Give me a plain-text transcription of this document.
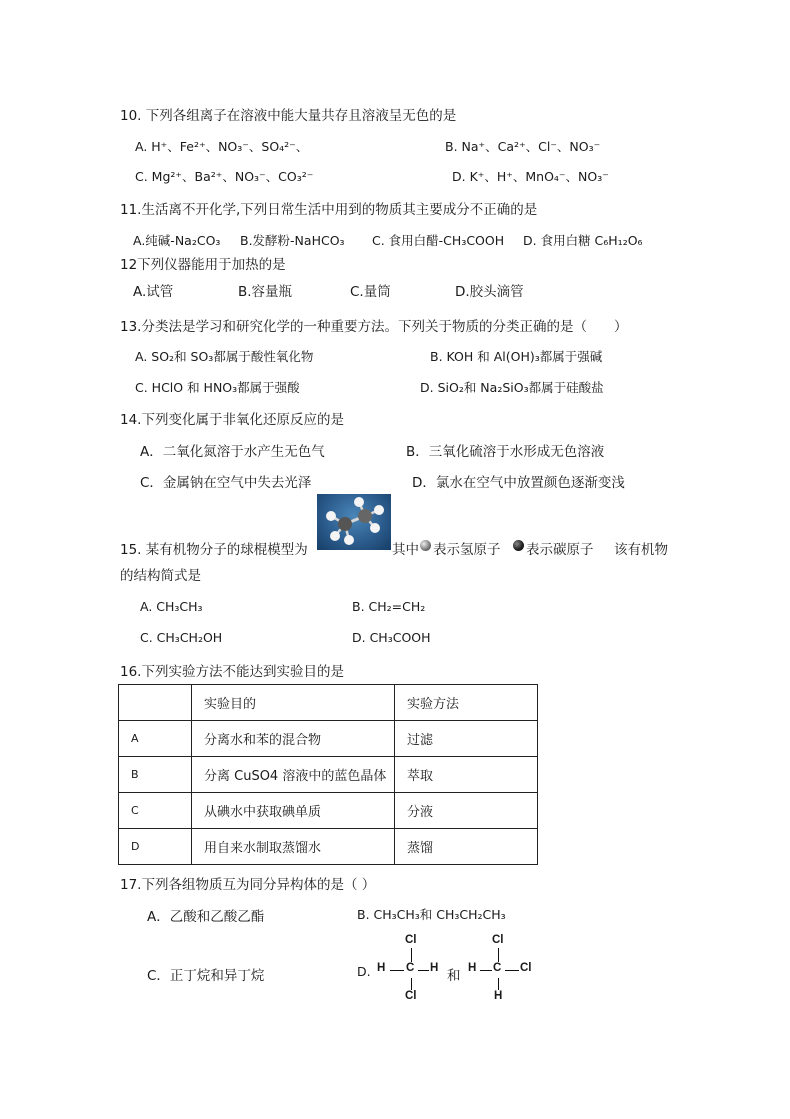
10. 下列各组离子在溶液中能大量共存且溶液呈无色的是
A. H⁺、Fe²⁺、NO₃⁻、SO₄²⁻、	B. Na⁺、Ca²⁺、Cl⁻、NO₃⁻
C. Mg²⁺、Ba²⁺、NO₃⁻、CO₃²⁻	D. K⁺、H⁺、MnO₄⁻、NO₃⁻
11.生活离不开化学,下列日常生活中用到的物质其主要成分不正确的是
A.纯碱-Na₂CO₃ B.发酵粉-NaHCO₃ C. 食用白醋-CH₃COOH D. 食用白糖 C₆H₁₂O₆
12下列仪器能用于加热的是
A.试管	B.容量瓶	C.量筒	D.胶头滴管
13.分类法是学习和研究化学的一种重要方法。下列关于物质的分类正确的是（　　）
A. SO₂和 SO₃都属于酸性氧化物	B. KOH 和 Al(OH)₃都属于强碱
C. HClO 和 HNO₃都属于强酸	D. SiO₂和 Na₂SiO₃都属于硅酸盐
14.下列变化属于非氧化还原反应的是
A．二氧化氮溶于水产生无色气	B．三氧化硫溶于水形成无色溶液
C．金属钠在空气中失去光泽	D．氯水在空气中放置颜色逐渐变浅
15. 某有机物分子的球棍模型为	其中 表示氢原子 表示碳原子 该有机物
的结构简式是
A. CH₃CH₃	B. CH₂=CH₂
C. CH₃CH₂OH	D. CH₃COOH
16.下列实验方法不能达到实验目的是
	实验目的	实验方法
A	分离水和苯的混合物	过滤
B	分离 CuSO4 溶液中的蓝色晶体	萃取
C	从碘水中获取碘单质	分液
D	用自来水制取蒸馏水	蒸馏
17.下列各组物质互为同分异构体的是（ ）
A．乙酸和乙酸乙酯	B. CH₃CH₃和 CH₃CH₂CH₃
C．正丁烷和异丁烷	D.
Cl
H C H
Cl
和
Cl
H C Cl
H
